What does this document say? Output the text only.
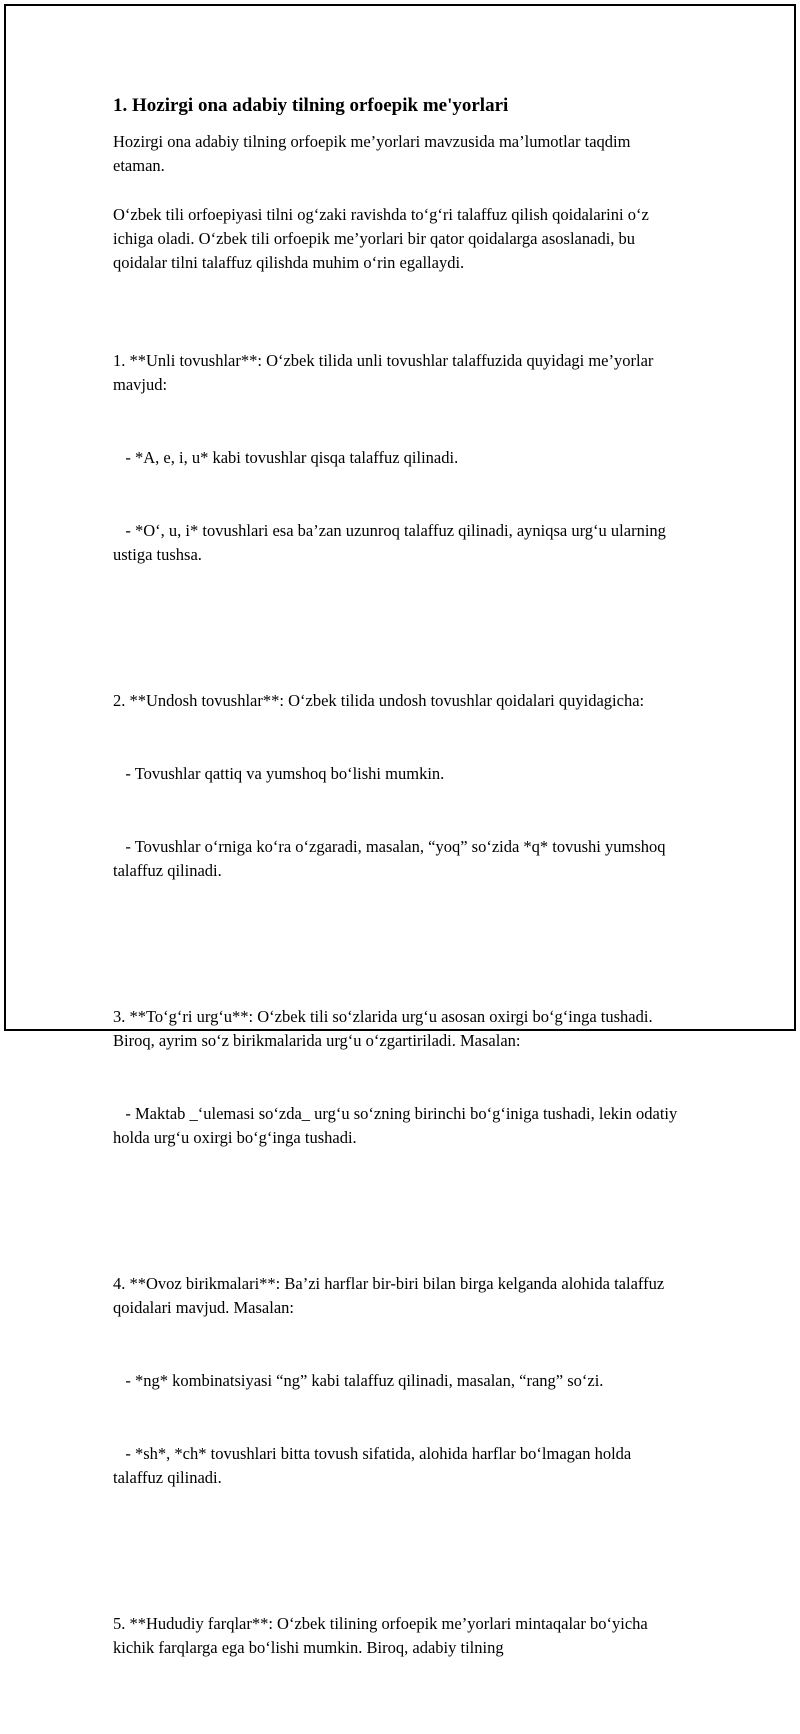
1. Hozirgi ona adabiy tilning orfoepik me'yorlari

Hozirgi ona adabiy tilning orfoepik me’yorlari mavzusida ma’lumotlar taqdim etaman.

O‘zbek tili orfoepiyasi tilni og‘zaki ravishda to‘g‘ri talaffuz qilish qoidalarini o‘z ichiga oladi. O‘zbek tili orfoepik me’yorlari bir qator qoidalarga asoslanadi, bu qoidalar tilni talaffuz qilishda muhim o‘rin egallaydi.

1. **Unli tovushlar**: O‘zbek tilida unli tovushlar talaffuzida quyidagi me’yorlar mavjud:

- *A, e, i, u* kabi tovushlar qisqa talaffuz qilinadi.

- *O‘, u, i* tovushlari esa ba’zan uzunroq talaffuz qilinadi, ayniqsa urg‘u ularning ustiga tushsa.

2. **Undosh tovushlar**: O‘zbek tilida undosh tovushlar qoidalari quyidagicha:

- Tovushlar qattiq va yumshoq bo‘lishi mumkin.

- Tovushlar o‘rniga ko‘ra o‘zgaradi, masalan, “yoq” so‘zida *q* tovushi yumshoq talaffuz qilinadi.

3. **To‘g‘ri urg‘u**: O‘zbek tili so‘zlarida urg‘u asosan oxirgi bo‘g‘inga tushadi. Biroq, ayrim so‘z birikmalarida urg‘u o‘zgartiriladi. Masalan:

- Maktab _‘ulemasi so‘zda_ urg‘u so‘zning birinchi bo‘g‘iniga tushadi, lekin odatiy holda urg‘u oxirgi bo‘g‘inga tushadi.

4. **Ovoz birikmalari**: Ba’zi harflar bir-biri bilan birga kelganda alohida talaffuz qoidalari mavjud. Masalan:

- *ng* kombinatsiyasi “ng” kabi talaffuz qilinadi, masalan, “rang” so‘zi.

- *sh*, *ch* tovushlari bitta tovush sifatida, alohida harflar bo‘lmagan holda talaffuz qilinadi.

5. **Hududiy farqlar**: O‘zbek tilining orfoepik me’yorlari mintaqalar bo‘yicha kichik farqlarga ega bo‘lishi mumkin. Biroq, adabiy tilning
